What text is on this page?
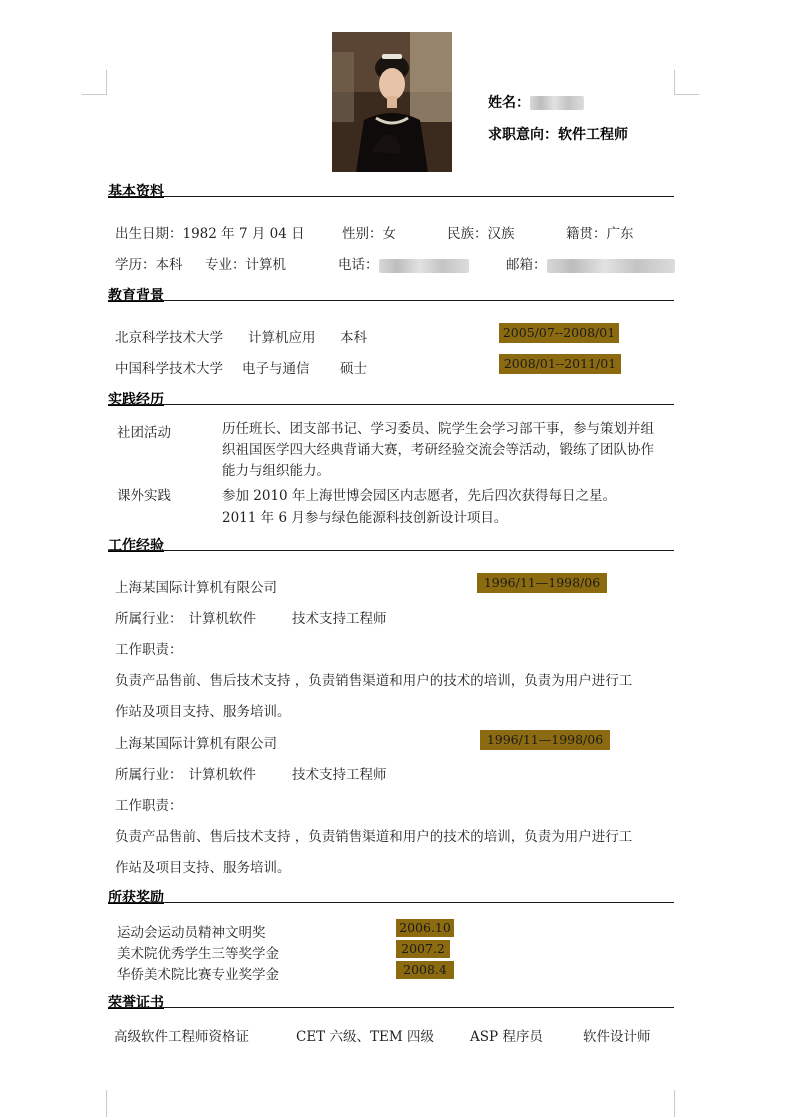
姓名：
求职意向：软件工程师
基本资料
出生日期：1982 年 7 月 04 日	性别：女	民族：汉族	籍贯：广东
学历：本科 专业：计算机	电话：	邮箱：
教育背景
北京科学技术大学 计算机应用 本科	2005/07--2008/01
中国科学技术大学 电子与通信 硕士	2008/01--2011/01
实践经历
社团活动	历任班长、团支部书记、学习委员、院学生会学习部干事，参与策划并组织祖国医学四大经典背诵大赛，考研经验交流会等活动，锻练了团队协作能力与组织能力。
课外实践	参加 2010 年上海世博会园区内志愿者，先后四次获得每日之星。
2011 年 6 月参与绿色能源科技创新设计项目。
工作经验
上海某国际计算机有限公司	1996/11—1998/06
所属行业： 计算机软件	技术支持工程师
工作职责：
负责产品售前、售后技术支持 ，负责销售渠道和用户的技术的培训，负责为用户进行工
作站及项目支持、服务培训。
上海某国际计算机有限公司	1996/11—1998/06
所属行业： 计算机软件	技术支持工程师
工作职责：
负责产品售前、售后技术支持 ，负责销售渠道和用户的技术的培训，负责为用户进行工
作站及项目支持、服务培训。
所获奖励
运动会运动员精神文明奖	2006.10
美术院优秀学生三等奖学金	2007.2
华侨美术院比赛专业奖学金	2008.4
荣誉证书
高级软件工程师资格证	CET 六级、TEM 四级	ASP 程序员	软件设计师
